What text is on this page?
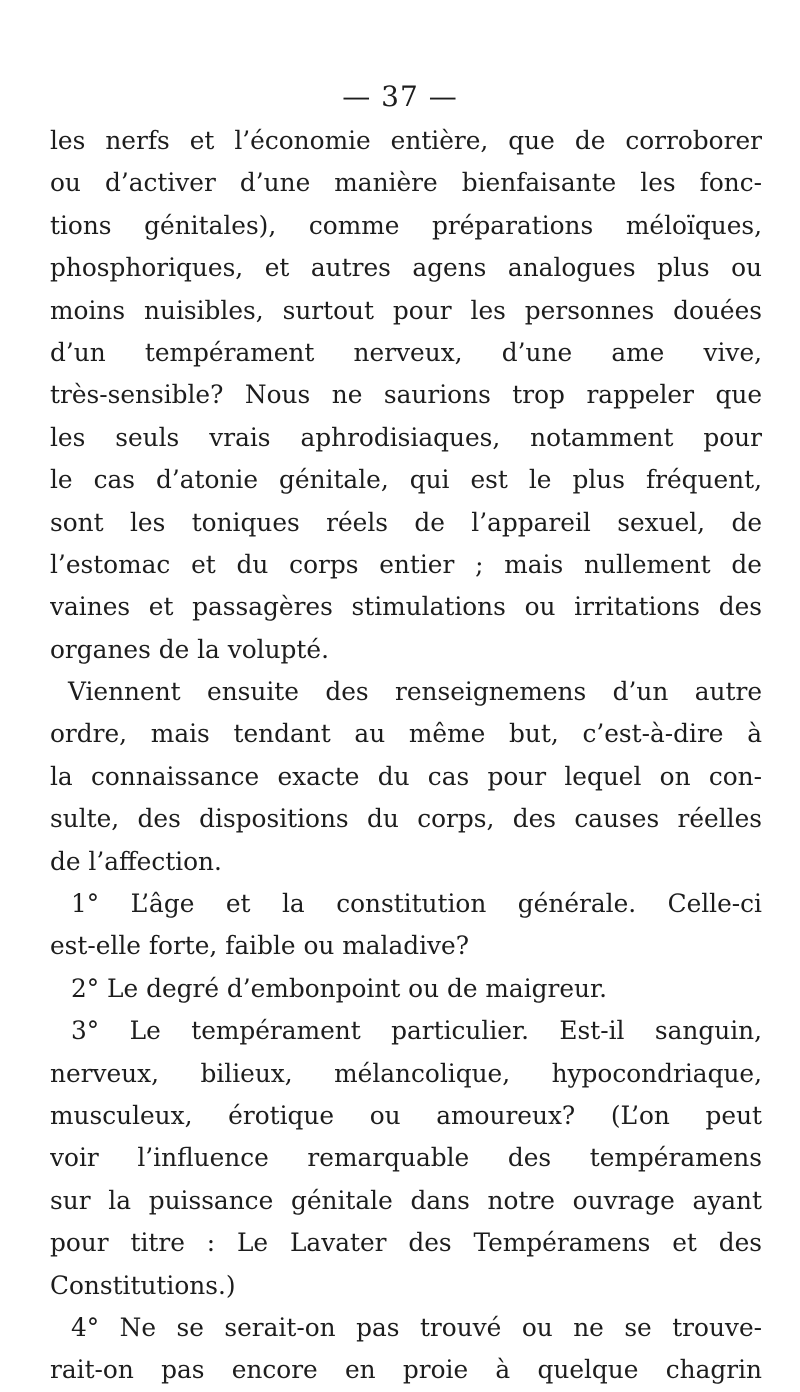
— 37 —
les nerfs et l’économie entière, que de corroborer
ou d’activer d’une manière bienfaisante les fonc-
tions génitales), comme préparations méloïques,
phosphoriques, et autres agens analogues plus ou
moins nuisibles, surtout pour les personnes douées
d’un tempérament nerveux, d’une ame vive,
très-sensible? Nous ne saurions trop rappeler que
les seuls vrais aphrodisiaques, notamment pour
le cas d’atonie génitale, qui est le plus fréquent,
sont les toniques réels de l’appareil sexuel, de
l’estomac et du corps entier ; mais nullement de
vaines et passagères stimulations ou irritations des
organes de la volupté.
Viennent ensuite des renseignemens d’un autre
ordre, mais tendant au même but, c’est-à-dire à
la connaissance exacte du cas pour lequel on con-
sulte, des dispositions du corps, des causes réelles
de l’affection.
1° L’âge et la constitution générale. Celle-ci
est-elle forte, faible ou maladive?
2° Le degré d’embonpoint ou de maigreur.
3° Le tempérament particulier. Est-il sanguin,
nerveux, bilieux, mélancolique, hypocondriaque,
musculeux, érotique ou amoureux? (L’on peut
voir l’influence remarquable des tempéramens
sur la puissance génitale dans notre ouvrage ayant
pour titre : Le Lavater des Tempéramens et des
Constitutions.)
4° Ne se serait-on pas trouvé ou ne se trouve-
rait-on pas encore en proie à quelque chagrin
